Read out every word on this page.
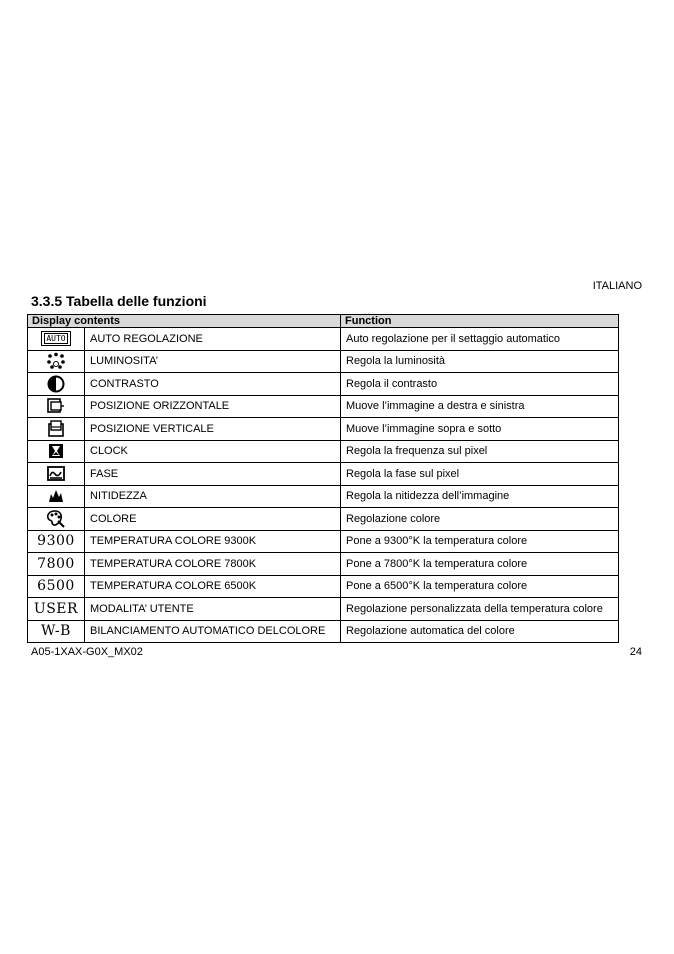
ITALIANO
3.3.5 Tabella delle funzioni
Display contents		Function

AUTO	AUTO REGOLAZIONE	Auto regolazione per il settaggio automatico

	LUMINOSITA’	Regola la luminosità

	CONTRASTO	Regola il contrasto

	POSIZIONE ORIZZONTALE	Muove l’immagine a destra e sinistra

	POSIZIONE VERTICALE	Muove l’immagine sopra e sotto

	CLOCK	Regola la frequenza sul pixel

	FASE	Regola la fase sul pixel

	NITIDEZZA	Regola la nitidezza dell’immagine

	COLORE	Regolazione colore
9300	TEMPERATURA COLORE 9300K	Pone a 9300°K la temperatura colore
7800	TEMPERATURA COLORE 7800K	Pone a 7800°K la temperatura colore
6500	TEMPERATURA COLORE 6500K	Pone a 6500°K la temperatura colore
USER	MODALITA’ UTENTE	Regolazione personalizzata della temperatura colore
W-B	BILANCIAMENTO AUTOMATICO DELCOLORE	Regolazione automatica del colore
A05-1XAX-G0X_MX02	24
